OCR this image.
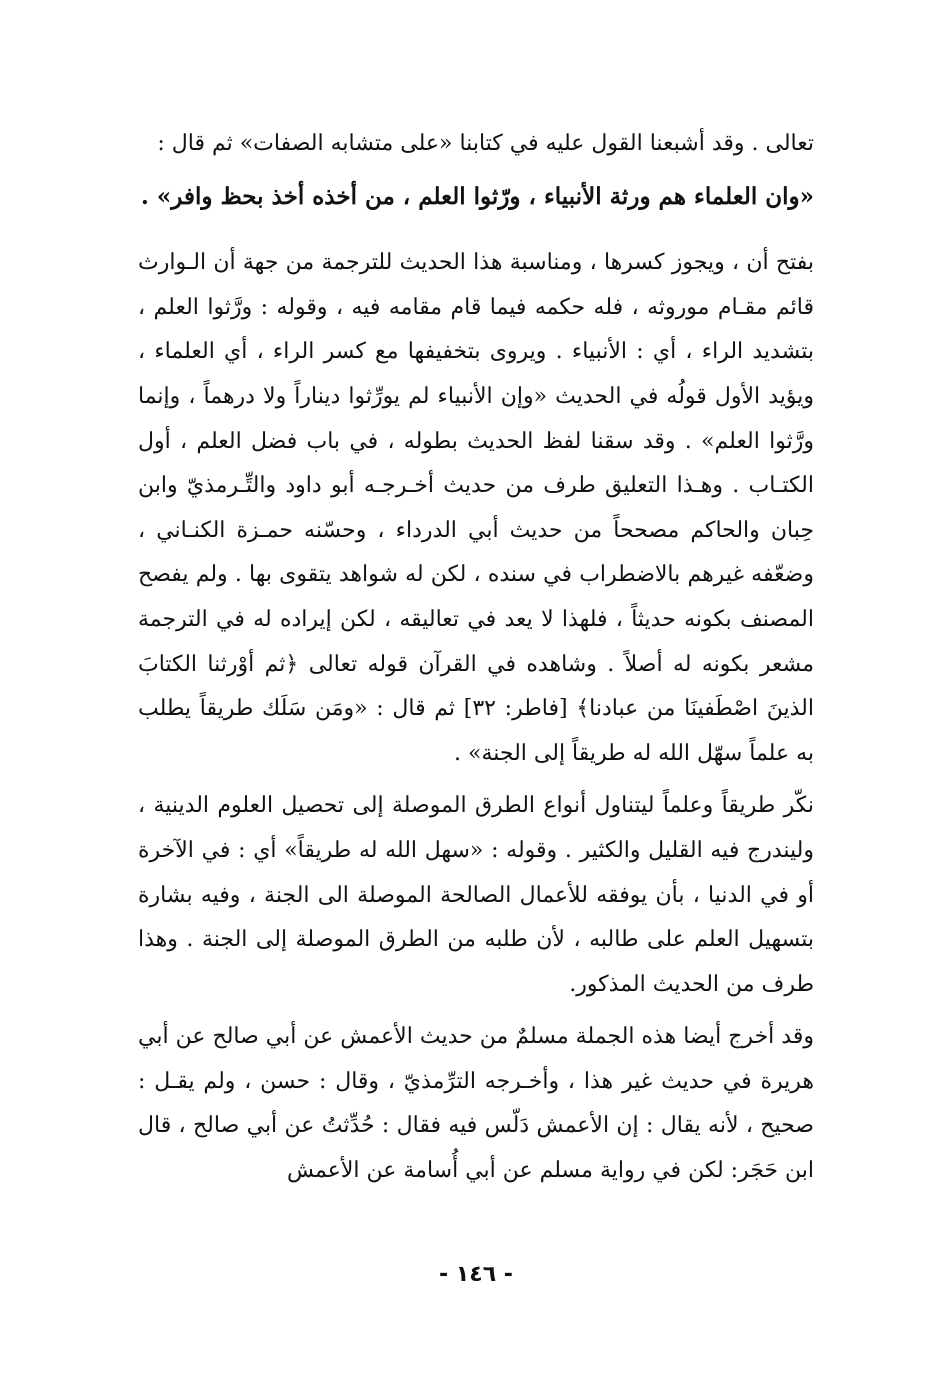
تعالى . وقد أشبعنا القول عليه في كتابنا «على متشابه الصفات» ثم قال :

«وان العلماء هم ورثة الأنبياء ، ورّثوا العلم ، من أخذه أخذ بحظ وافر» .

بفتح أن ، ويجوز كسرها ، ومناسبة هذا الحديث للترجمة من جهة أن الـوارث قائم مقـام موروثه ، فله حكمه فيما قام مقامه فيه ، وقوله : ورَّثوا العلم ، بتشديد الراء ، أي : الأنبياء . ويروى بتخفيفها مع كسر الراء ، أي العلماء ، ويؤيد الأول قولُه في الحديث «وإن الأنبياء لم يورِّثوا ديناراً ولا درهماً ، وإنما ورَّثوا العلم» . وقد سقنا لفظ الحديث بطوله ، في باب فضل العلم ، أول الكتـاب . وهـذا التعليق طرف من حديث أخـرجـه أبو داود والتِّـرمذيّ وابن حِبان والحاكم مصححاً من حديث أبي الدرداء ، وحسّنه حمـزة الكنـاني ، وضعّفه غيرهم بالاضطراب في سنده ، لكن له شواهد يتقوى بها . ولم يفصح المصنف بكونه حديثاً ، فلهذا لا يعد في تعاليقه ، لكن إيراده له في الترجمة مشعر بكونه له أصلاً . وشاهده في القرآن قوله تعالى ﴿ثم أوْرثنا الكتابَ الذينَ اصْطَفينَا من عبادنا﴾ [فاطر: ٣٢] ثم قال : «ومَن سَلَك طريقاً يطلب به علماً سهّل الله له طريقاً إلى الجنة» .

نكّر طريقاً وعلماً ليتناول أنواع الطرق الموصلة إلى تحصيل العلوم الدينية ، وليندرج فيه القليل والكثير . وقوله : «سهل الله له طريقاً» أي : في الآخرة أو في الدنيا ، بأن يوفقه للأعمال الصالحة الموصلة الى الجنة ، وفيه بشارة بتسهيل العلم على طالبه ، لأن طلبه من الطرق الموصلة إلى الجنة . وهذا طرف من الحديث المذكور.

وقد أخرج أيضا هذه الجملة مسلمٌ من حديث الأعمش عن أبي صالح عن أبي هريرة في حديث غير هذا ، وأخـرجه الترِّمذيّ ، وقال : حسن ، ولم يقـل : صحيح ، لأنه يقال : إن الأعمش دَلّس فيه فقال : حُدِّثتُ عن أبي صالح ، قال ابن حَجَر: لكن في رواية مسلم عن أبي أُسامة عن الأعمش

- ١٤٦ -
